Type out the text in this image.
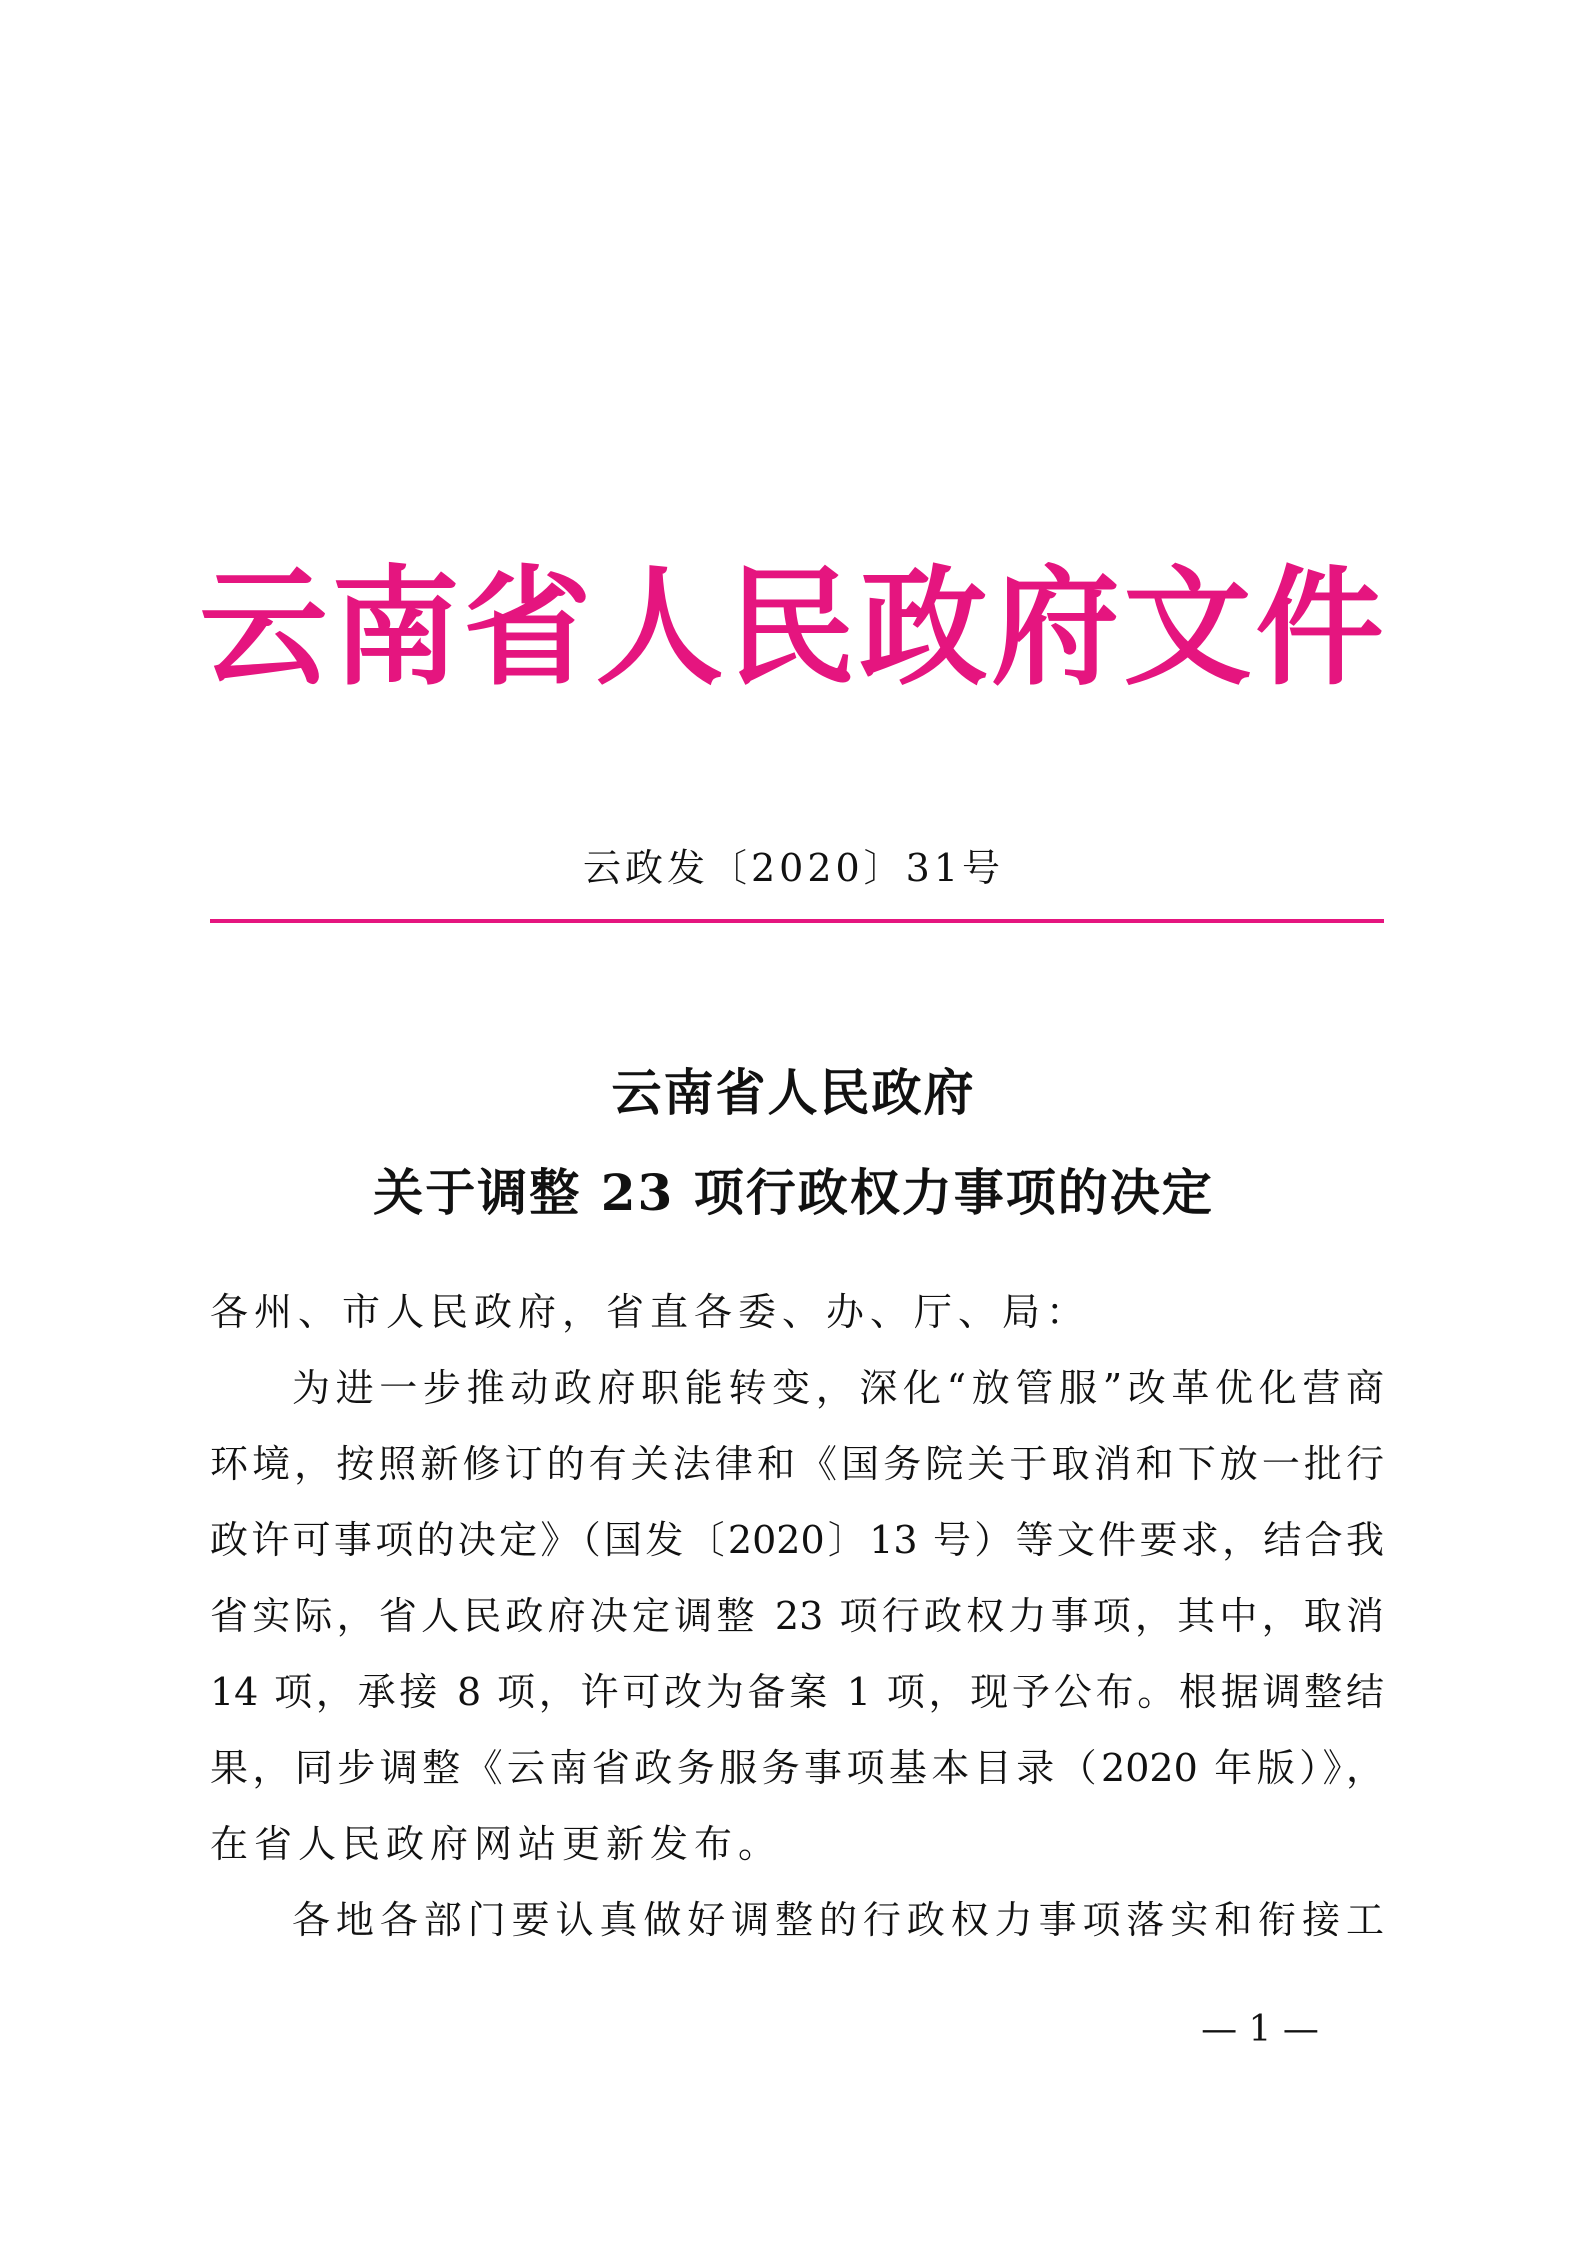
云南省人民政府文件
云政发〔2020〕31号
云南省人民政府
关于调整 23 项行政权力事项的决定
各州、市人民政府，省直各委、办、厅、局：
为进一步推动政府职能转变，深化“放管服”改革优化营商
环境，按照新修订的有关法律和《国务院关于取消和下放一批行
政许可事项的决定》（国发〔2020〕13 号）等文件要求，结合我
省实际，省人民政府决定调整 23 项行政权力事项，其中，取消
14 项，承接 8 项，许可改为备案 1 项，现予公布。根据调整结
果，同步调整《云南省政务服务事项基本目录（2020 年版）》，
在省人民政府网站更新发布。
各地各部门要认真做好调整的行政权力事项落实和衔接工
— 1 —
